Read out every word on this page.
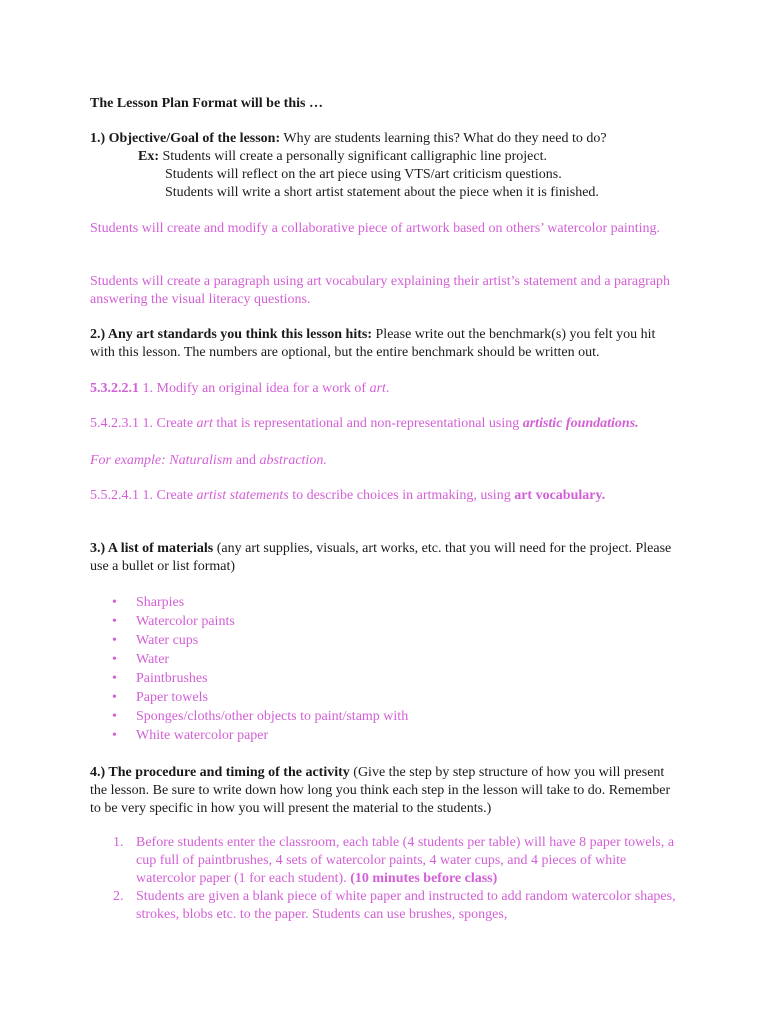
The Lesson Plan Format will be this …

1.) Objective/Goal of the lesson: Why are students learning this? What do they need to do?

Ex: Students will create a personally significant calligraphic line project.
Students will reflect on the art piece using VTS/art criticism questions.
Students will write a short artist statement about the piece when it is finished.

Students will create and modify a collaborative piece of artwork based on others’ watercolor painting.

Students will create a paragraph using art vocabulary explaining their artist’s statement and a paragraph answering the visual literacy questions.

2.) Any art standards you think this lesson hits: Please write out the benchmark(s) you felt you hit with this lesson. The numbers are optional, but the entire benchmark should be written out.

5.3.2.2.1 1. Modify an original idea for a work of art.

5.4.2.3.1 1. Create art that is representational and non-representational using artistic foundations.

For example: Naturalism and abstraction.

5.5.2.4.1 1. Create artist statements to describe choices in artmaking, using art vocabulary.

3.) A list of materials (any art supplies, visuals, art works, etc. that you will need for the project. Please use a bullet or list format)

• Sharpies
• Watercolor paints
• Water cups
• Water
• Paintbrushes
• Paper towels
• Sponges/cloths/other objects to paint/stamp with
• White watercolor paper

4.) The procedure and timing of the activity (Give the step by step structure of how you will present the lesson. Be sure to write down how long you think each step in the lesson will take to do. Remember to be very specific in how you will present the material to the students.)

1. Before students enter the classroom, each table (4 students per table) will have 8 paper towels, a cup full of paintbrushes, 4 sets of watercolor paints, 4 water cups, and 4 pieces of white watercolor paper (1 for each student). (10 minutes before class)
2. Students are given a blank piece of white paper and instructed to add random watercolor shapes, strokes, blobs etc. to the paper. Students can use brushes, sponges,
